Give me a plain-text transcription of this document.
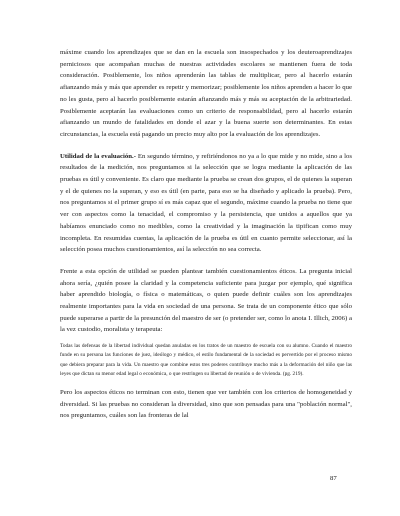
máxime cuando los aprendizajes que se dan en la escuela son insospechados y los deuteroaprendizajes perniciosos que acompañan muchas de nuestras actividades escolares se mantienen fuera de toda consideración. Posiblemente, los niños aprenderán las tablas de multiplicar, pero al hacerlo estarán afianzando más y más que aprender es repetir y memorizar; posiblemente los niños aprenden a hacer lo que no les gusta, pero al hacerlo posiblemente estarán afianzando más y más su aceptación de la arbitrariedad. Posiblemente aceptarán las evaluaciones como un criterio de responsabilidad, pero al hacerlo estarán afianzando un mundo de fatalidades en donde el azar y la buena suerte son determinantes. En estas circunstancias, la escuela está pagando un precio muy alto por la evaluación de los aprendizajes.

Utilidad de la evaluación.- En segundo término, y refiriéndonos no ya a lo que mide y no mide, sino a los resultados de la medición, nos preguntamos si la selección que se logra mediante la aplicación de las pruebas es útil y conveniente. Es claro que mediante la prueba se crean dos grupos, el de quienes la superan y el de quienes no la superan, y eso es útil (en parte, para eso se ha diseñado y aplicado la prueba). Pero, nos preguntamos si el primer grupo sí es más capaz que el segundo, máxime cuando la prueba no tiene que ver con aspectos como la tenacidad, el compromiso y la persistencia, que unidos a aquellos que ya habíamos enunciado como no medibles, como la creatividad y la imaginación la tipifican como muy incompleta. En resumidas cuentas, la aplicación de la prueba es útil en cuanto permite seleccionar, así la selección posea muchos cuestionamientos, así la selección no sea correcta.

Frente a esta opción de utilidad se pueden plantear también cuestionamientos éticos. La pregunta inicial ahora sería, ¿quién posee la claridad y la competencia suficiente para juzgar por ejemplo, qué significa haber aprendido biología, o física o matemáticas, o quien puede definir cuáles son los aprendizajes realmente importantes para la vida en sociedad de una persona. Se trata de un componente ético que sólo puede superarse a partir de la presunción del maestro de ser (o pretender ser, como lo anota I. Illich, 2006) a la vez custodio, moralista y terapeuta:

Todas las defensas de la libertad individual quedan anuladas en los tratos de un maestro de escuela con su alumno. Cuando el maestro funde en su persona las funciones de juez, ideólogo y médico, el estilo fundamental de la sociedad es pervertido por el proceso mismo que debiera preparar para la vida. Un maestro que combine estos tres poderes contribuye mucho más a la deformación del niño que las leyes que dictan su menor edad legal o económica, o que restringen su libertad de reunión o de vivienda. (pg. 219).

Pero los aspectos éticos no terminan con esto, tienen que ver también con los criterios de homogeneidad y diversidad. Si las pruebas no consideran la diversidad, sino que son pensadas para una "población normal", nos preguntamos, cuáles son las fronteras de lal

87
